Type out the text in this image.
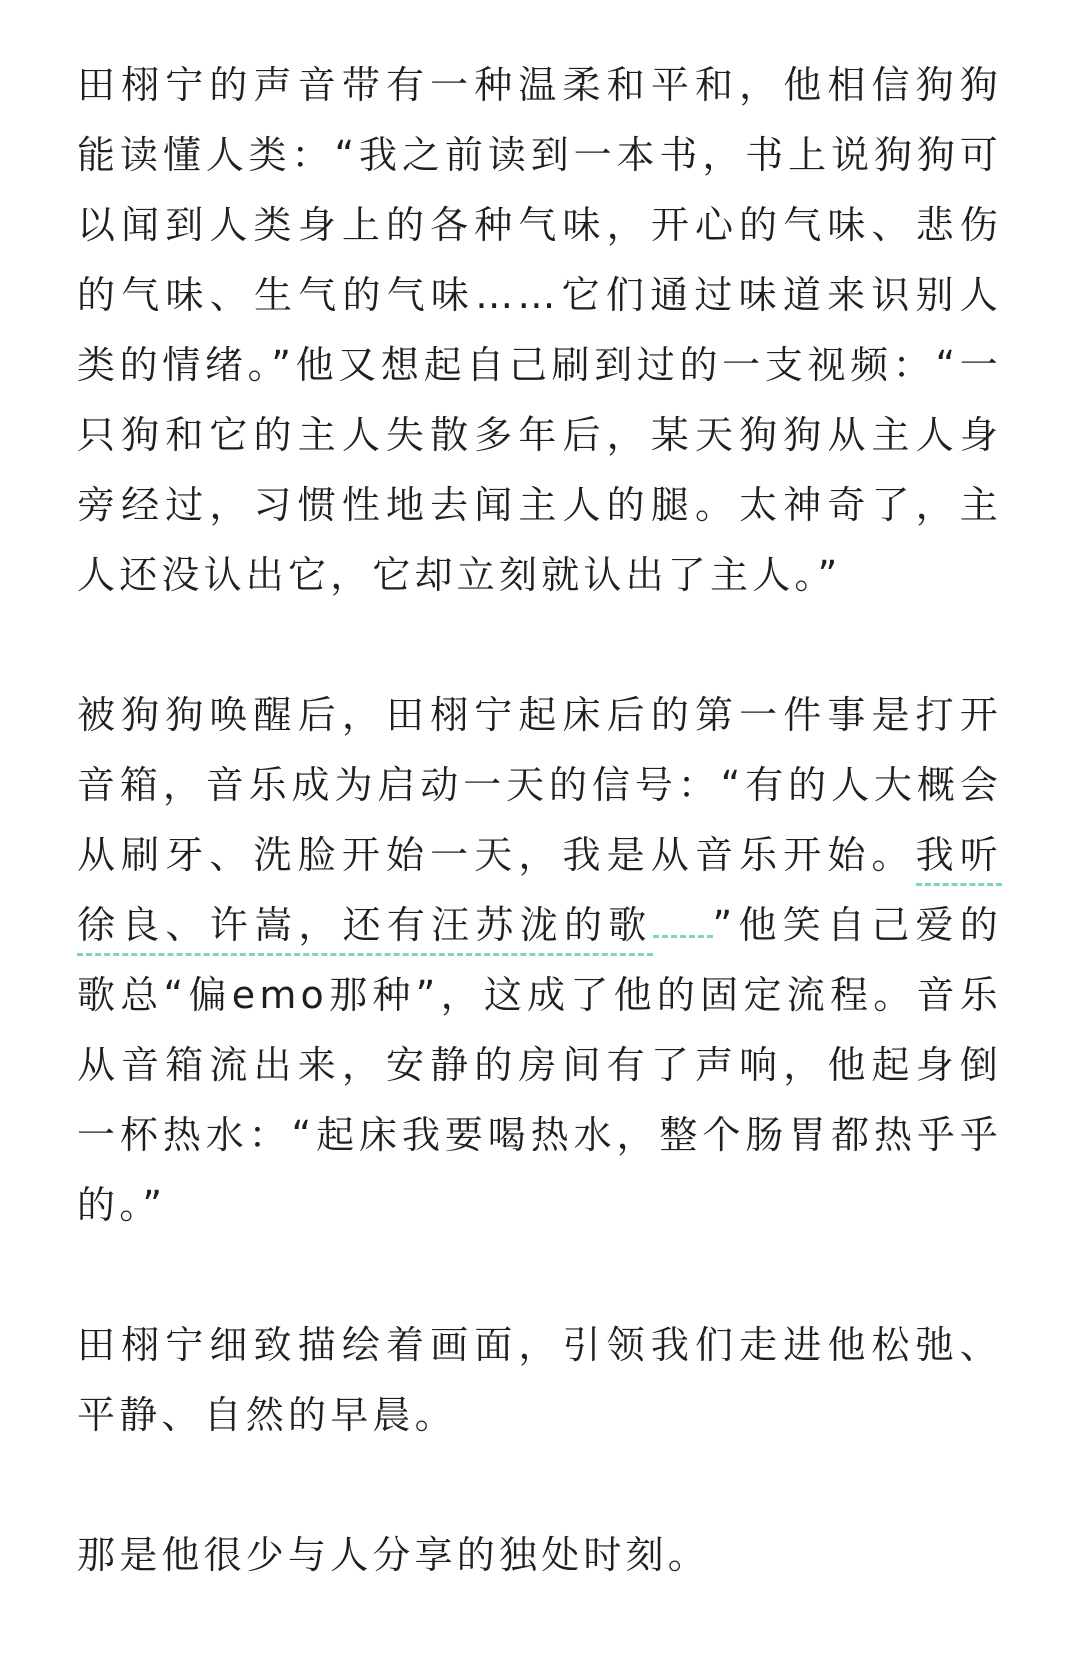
田栩宁的声音带有一种温柔和平和，他相信狗狗能读懂人类：“我之前读到一本书，书上说狗狗可以闻到人类身上的各种气味，开心的气味、悲伤的气味、生气的气味……它们通过味道来识别人类的情绪。”他又想起自己刷到过的一支视频：“一只狗和它的主人失散多年后，某天狗狗从主人身旁经过，习惯性地去闻主人的腿。太神奇了，主人还没认出它，它却立刻就认出了主人。”

被狗狗唤醒后，田栩宁起床后的第一件事是打开音箱，音乐成为启动一天的信号：“有的人大概会从刷牙、洗脸开始一天，我是从音乐开始。我听徐良、许嵩，还有汪苏泷的歌 ”他笑自己爱的歌总“偏emo那种”，这成了他的固定流程。音乐从音箱流出来，安静的房间有了声响，他起身倒一杯热水：“起床我要喝热水，整个肠胃都热乎乎的。”

田栩宁细致描绘着画面，引领我们走进他松弛、平静、自然的早晨。

那是他很少与人分享的独处时刻。
